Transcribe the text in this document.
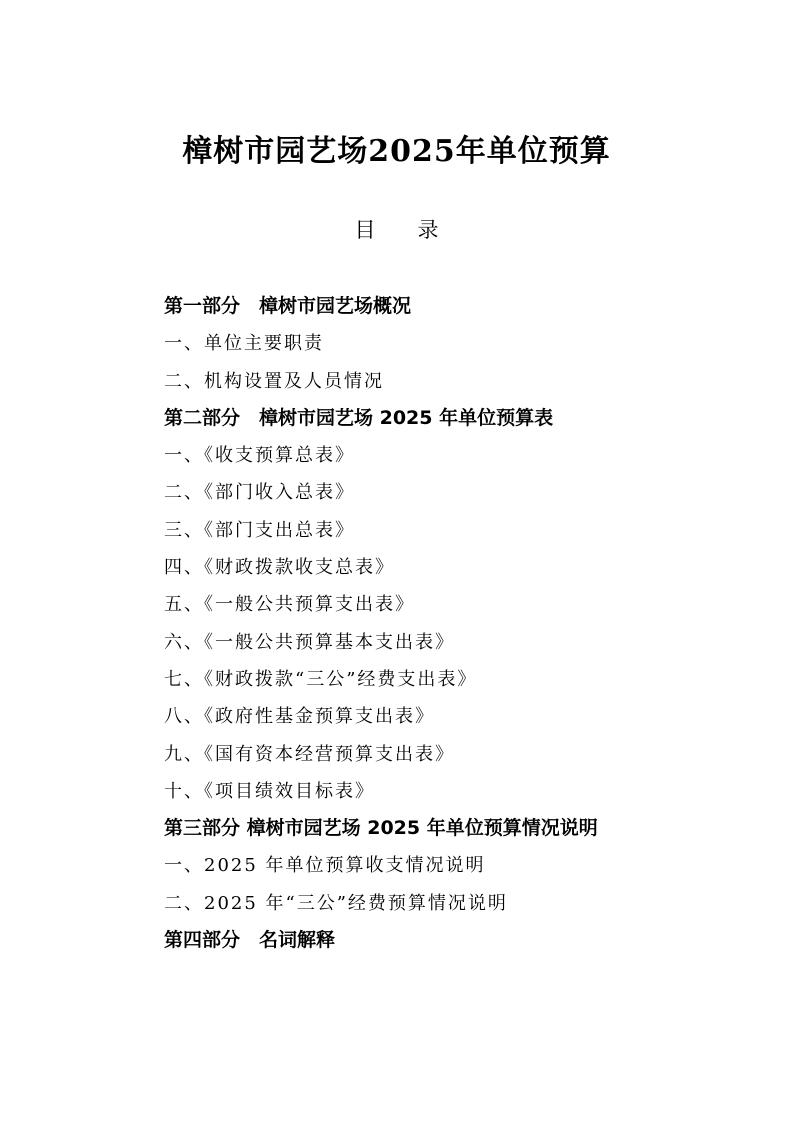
樟树市园艺场2025年单位预算
目 录
第一部分　樟树市园艺场概况
一、单位主要职责
二、机构设置及人员情况
第二部分　樟树市园艺场 2025 年单位预算表
一、《收支预算总表》
二、《部门收入总表》
三、《部门支出总表》
四、《财政拨款收支总表》
五、《一般公共预算支出表》
六、《一般公共预算基本支出表》
七、《财政拨款“三公”经费支出表》
八、《政府性基金预算支出表》
九、《国有资本经营预算支出表》
十、《项目绩效目标表》
第三部分 樟树市园艺场 2025 年单位预算情况说明
一、2025 年单位预算收支情况说明
二、2025 年“三公”经费预算情况说明
第四部分　名词解释
